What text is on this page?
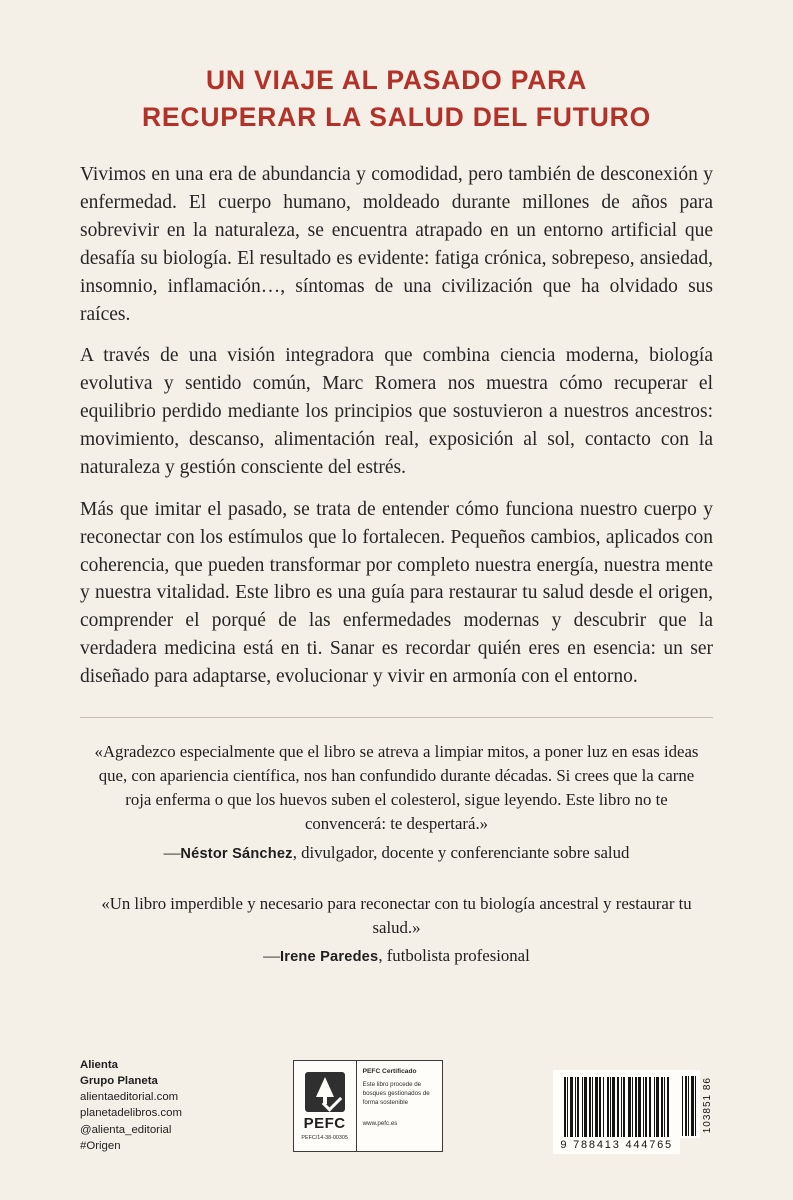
UN VIAJE AL PASADO PARA
RECUPERAR LA SALUD DEL FUTURO

Vivimos en una era de abundancia y comodidad, pero también de desconexión y enfermedad. El cuerpo humano, moldeado durante millones de años para sobrevivir en la naturaleza, se encuentra atrapado en un entorno artificial que desafía su biología. El resultado es evidente: fatiga crónica, sobrepeso, ansiedad, insomnio, inflamación…, síntomas de una civilización que ha olvidado sus raíces.

A través de una visión integradora que combina ciencia moderna, biología evolutiva y sentido común, Marc Romera nos muestra cómo recuperar el equilibrio perdido mediante los principios que sostuvieron a nuestros ancestros: movimiento, descanso, alimentación real, exposición al sol, contacto con la naturaleza y gestión consciente del estrés.

Más que imitar el pasado, se trata de entender cómo funciona nuestro cuerpo y reconectar con los estímulos que lo fortalecen. Pequeños cambios, aplicados con coherencia, que pueden transformar por completo nuestra energía, nuestra mente y nuestra vitalidad. Este libro es una guía para restaurar tu salud desde el origen, comprender el porqué de las enfermedades modernas y descubrir que la verdadera medicina está en ti. Sanar es recordar quién eres en esencia: un ser diseñado para adaptarse, evolucionar y vivir en armonía con el entorno.

«Agradezco especialmente que el libro se atreva a limpiar mitos, a poner luz en esas ideas que, con apariencia científica, nos han confundido durante décadas. Si crees que la carne roja enferma o que los huevos suben el colesterol, sigue leyendo. Este libro no te convencerá: te despertará.»
—Néstor Sánchez, divulgador, docente y conferenciante sobre salud
«Un libro imperdible y necesario para reconectar con tu biología ancestral y restaurar tu salud.»
—Irene Paredes, futbolista profesional
Alienta
Grupo Planeta
alientaeditorial.com
planetadelibros.com
@alienta_editorial
#Origen
PEFC
PEFC/14-38-00305
PEFC Certificado
Este libro procede de bosques gestionados de forma sostenible
www.pefc.es
9 788413 444765
103851 86
